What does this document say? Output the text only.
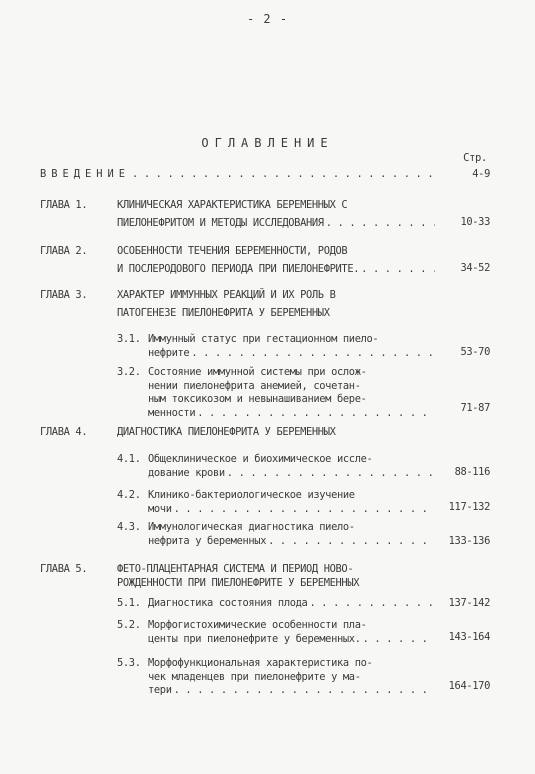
- 2 -
ОГЛАВЛЕНИЕ
Стр.
ВВЕДЕНИЕ . . .	4-9
ГЛАВА 1.	КЛИНИЧЕСКАЯ ХАРАКТЕРИСТИКА БЕРЕМЕННЫХ С
ПИЕЛОНЕФРИТОМ И МЕТОДЫ ИССЛЕДОВАНИЯ . . .	10-33
ГЛАВА 2.	ОСОБЕННОСТИ ТЕЧЕНИЯ БЕРЕМЕННОСТИ, РОДОВ
И ПОСЛЕРОДОВОГО ПЕРИОДА ПРИ ПИЕЛОНЕФРИТЕ. . . .	34-52
ГЛАВА 3.	ХАРАКТЕР ИММУННЫХ РЕАКЦИЙ И ИХ РОЛЬ В
ПАТОГЕНЕЗЕ ПИЕЛОНЕФРИТА У БЕРЕМЕННЫХ
3.1. Иммунный статус при гестационном пиело-
нефрите . . .	53-70
3.2. Состояние иммунной системы при ослож-
нении пиелонефрита анемией, сочетан-
ным токсикозом и невынашиванием бере-
менности . . .	71-87
ГЛАВА 4.	ДИАГНОСТИКА ПИЕЛОНЕФРИТА У БЕРЕМЕННЫХ
4.1. Общеклиническое и биохимическое иссле-
дование крови . . .	88-116
4.2. Клинико-бактериологическое изучение
мочи . . .	117-132
4.3. Иммунологическая диагностика пиело-
нефрита у беременных . . .	133-136
ГЛАВА 5.	ФЕТО-ПЛАЦЕНТАРНАЯ СИСТЕМА И ПЕРИОД НОВО-
РОЖДЕННОСТИ ПРИ ПИЕЛОНЕФРИТЕ У БЕРЕМЕННЫХ
5.1. Диагностика состояния плода . . .	137-142
5.2. Морфогистохимические особенности пла-
центы при пиелонефрите у беременных. . . .	143-164
5.3. Морфофункциональная характеристика по-
чек младенцев при пиелонефрите у ма-
тери . . .	164-170
